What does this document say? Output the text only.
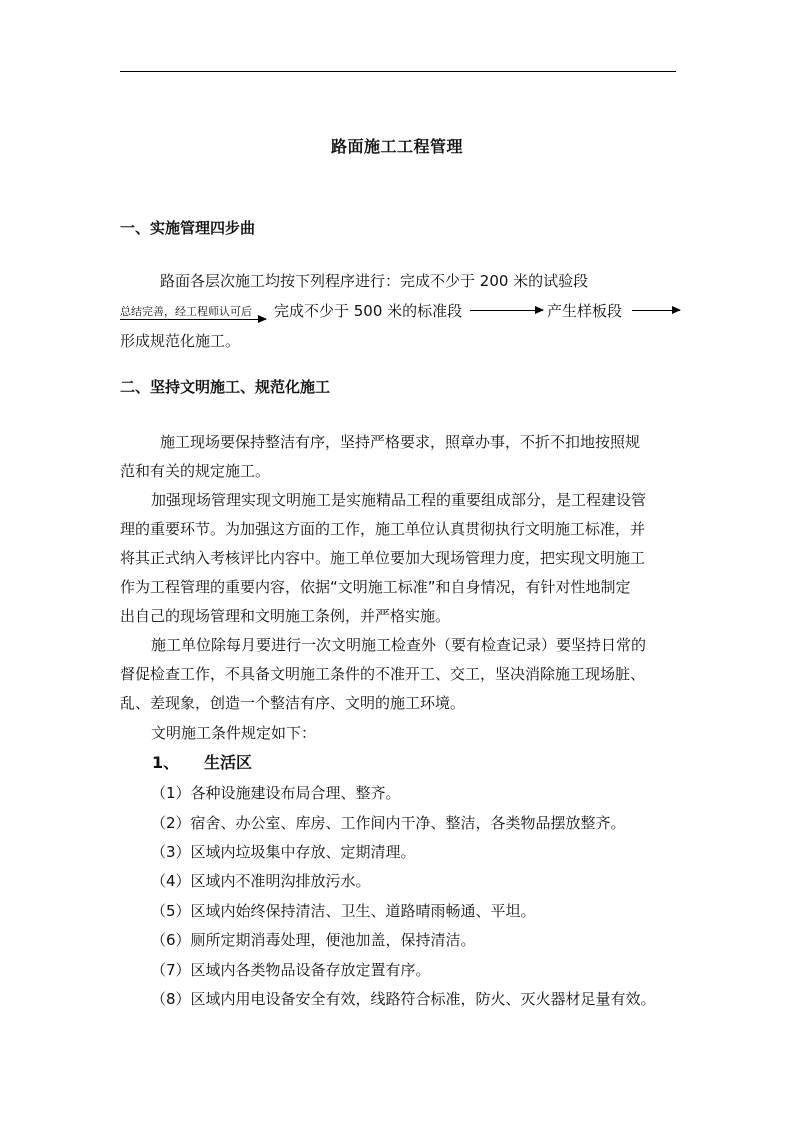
路面施工工程管理
一、实施管理四步曲
路面各层次施工均按下列程序进行：完成不少于 200 米的试验段
总结完善，经工程师认可后 完成不少于 500 米的标准段	产生样板段
形成规范化施工。
二、坚持文明施工、规范化施工
施工现场要保持整洁有序，坚持严格要求，照章办事，不折不扣地按照规
范和有关的规定施工。
加强现场管理实现文明施工是实施精品工程的重要组成部分，是工程建设管
理的重要环节。为加强这方面的工作，施工单位认真贯彻执行文明施工标准，并
将其正式纳入考核评比内容中。施工单位要加大现场管理力度，把实现文明施工
作为工程管理的重要内容，依据“文明施工标准”和自身情况，有针对性地制定
出自己的现场管理和文明施工条例，并严格实施。
施工单位除每月要进行一次文明施工检查外（要有检查记录）要坚持日常的
督促检查工作，不具备文明施工条件的不准开工、交工，坚决消除施工现场脏、
乱、差现象，创造一个整洁有序、文明的施工环境。
文明施工条件规定如下：
1、 生活区
（1）各种设施建设布局合理、整齐。
（2）宿舍、办公室、库房、工作间内干净、整洁，各类物品摆放整齐。
（3）区域内垃圾集中存放、定期清理。
（4）区域内不准明沟排放污水。
（5）区域内始终保持清洁、卫生、道路晴雨畅通、平坦。
（6）厕所定期消毒处理，便池加盖，保持清洁。
（7）区域内各类物品设备存放定置有序。
（8）区域内用电设备安全有效，线路符合标准，防火、灭火器材足量有效。
